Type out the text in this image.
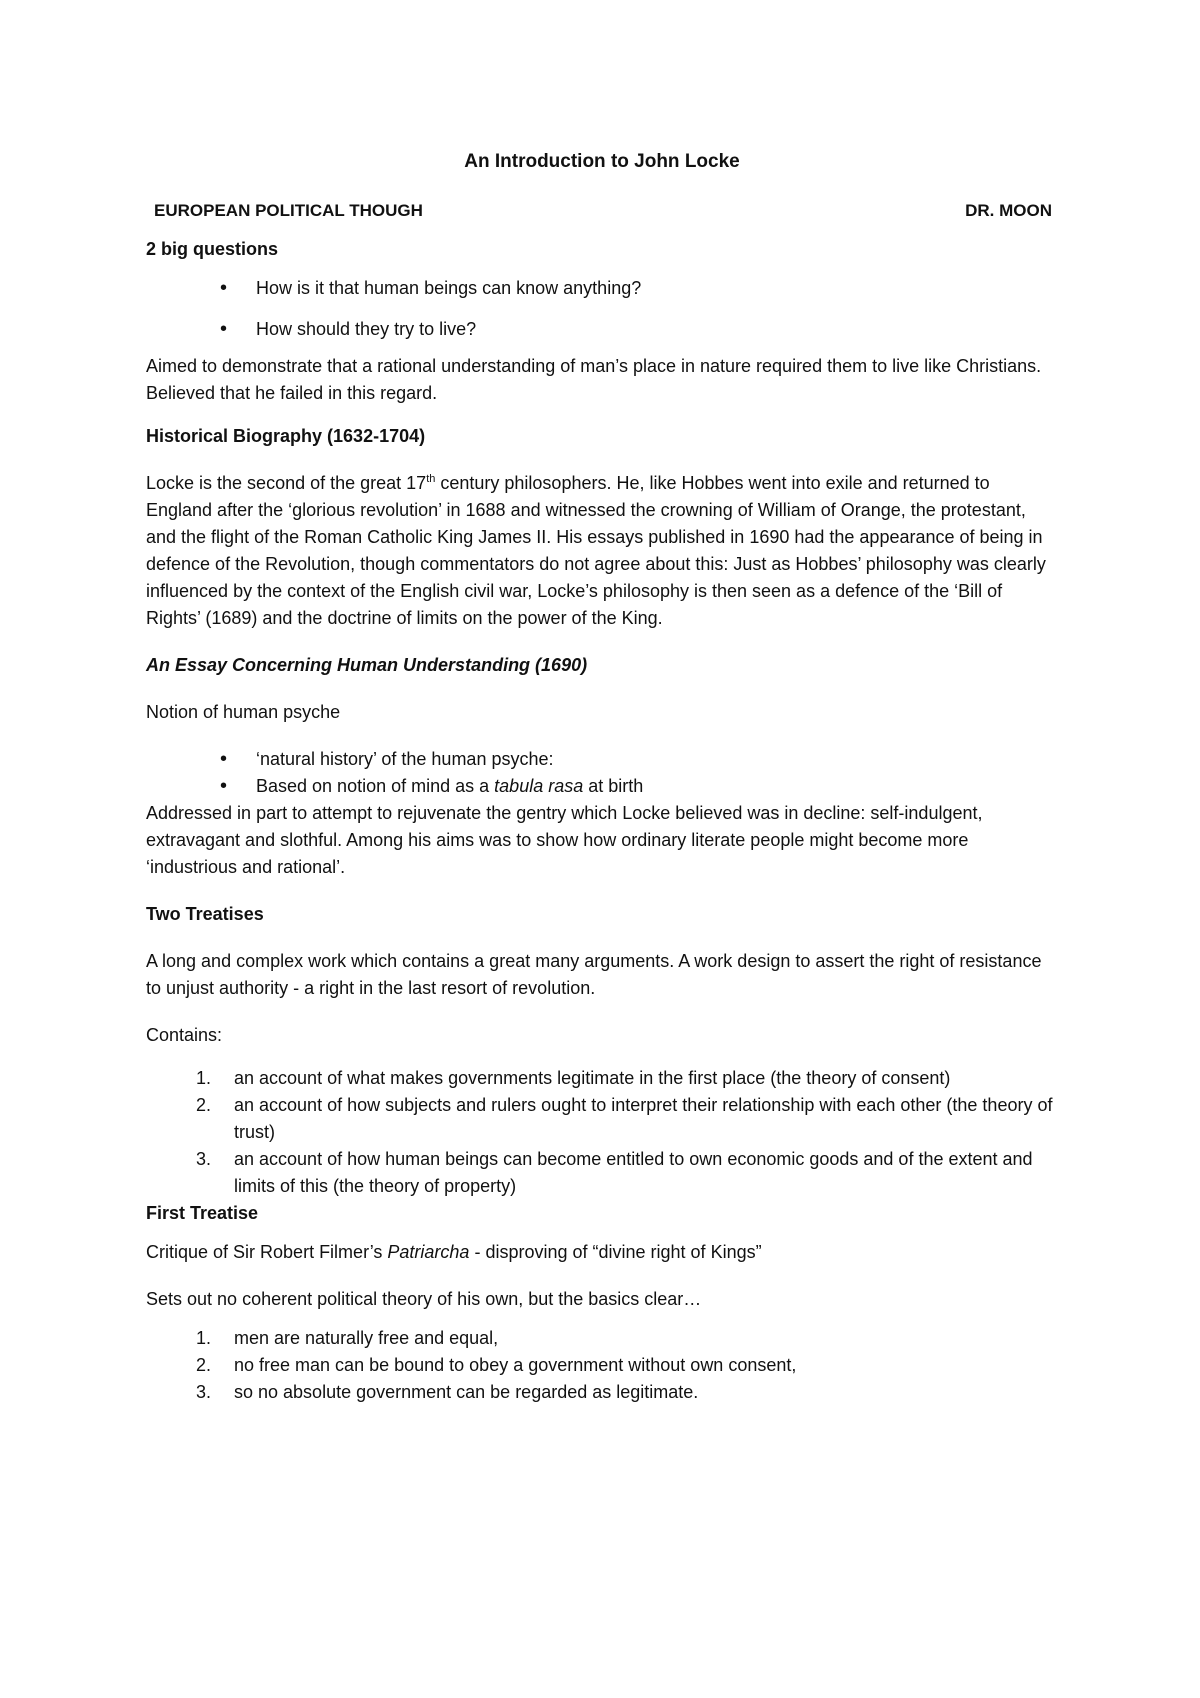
An Introduction to John Locke

EUROPEAN POLITICAL THOUGH	DR. MOON

2 big questions

• How is it that human beings can know anything?
• How should they try to live?

Aimed to demonstrate that a rational understanding of man’s place in nature required them to live like Christians. Believed that he failed in this regard.

Historical Biography (1632-1704)

Locke is the second of the great 17th century philosophers. He, like Hobbes went into exile and returned to England after the ‘glorious revolution’ in 1688 and witnessed the crowning of William of Orange, the protestant, and the flight of the Roman Catholic King James II. His essays published in 1690 had the appearance of being in defence of the Revolution, though commentators do not agree about this: Just as Hobbes’ philosophy was clearly influenced by the context of the English civil war, Locke’s philosophy is then seen as a defence of the ‘Bill of Rights’ (1689) and the doctrine of limits on the power of the King.

An Essay Concerning Human Understanding (1690)

Notion of human psyche

• ‘natural history’ of the human psyche:
• Based on notion of mind as a tabula rasa at birth

Addressed in part to attempt to rejuvenate the gentry which Locke believed was in decline: self-indulgent, extravagant and slothful. Among his aims was to show how ordinary literate people might become more ‘industrious and rational’.

Two Treatises

A long and complex work which contains a great many arguments. A work design to assert the right of resistance to unjust authority - a right in the last resort of revolution.

Contains:

1. an account of what makes governments legitimate in the first place (the theory of consent)
2. an account of how subjects and rulers ought to interpret their relationship with each other (the theory of trust)
3. an account of how human beings can become entitled to own economic goods and of the extent and limits of this (the theory of property)

First Treatise

Critique of Sir Robert Filmer’s Patriarcha - disproving of “divine right of Kings”

Sets out no coherent political theory of his own, but the basics clear…

1. men are naturally free and equal,
2. no free man can be bound to obey a government without own consent,
3. so no absolute government can be regarded as legitimate.
